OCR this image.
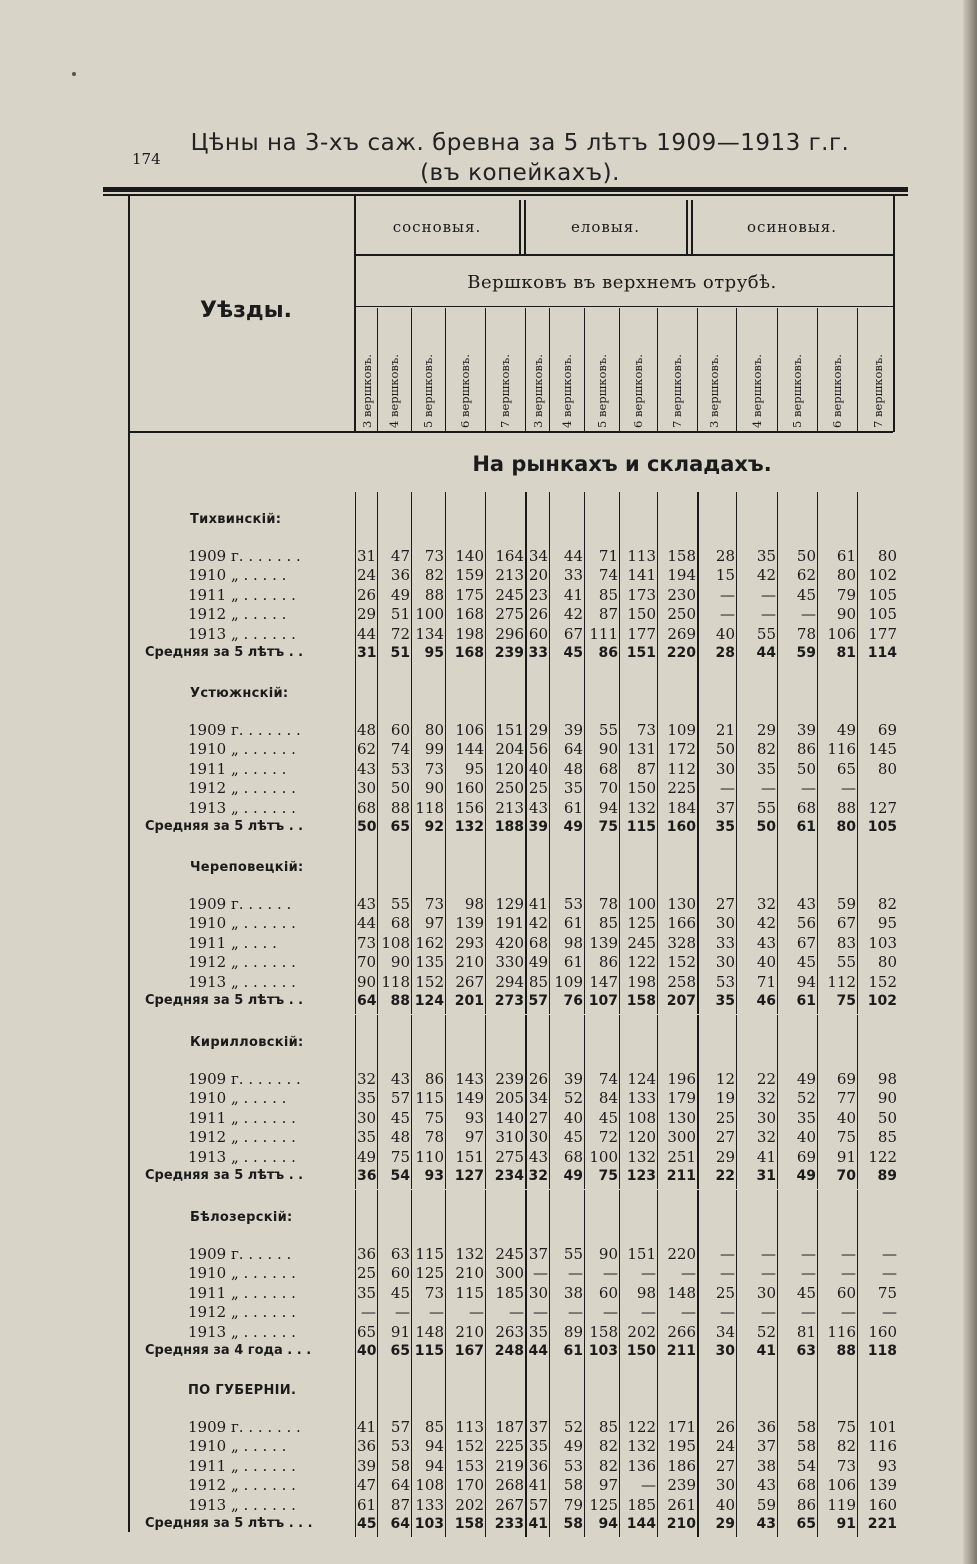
174
Цѣны на 3-хъ саж. бревна за 5 лѣтъ 1909—1913 г.г.
(въ копейкахъ).
сосновыя.	еловыя.	осиновыя.
Вершковъ въ верхнемъ отрубѣ.
Уѣзды.
3 вершковъ. 4 вершковъ. 5 вершковъ. 6 вершковъ. 7 вершковъ. 3 вершковъ. 4 вершковъ. 5 вершковъ. 6 вершковъ. 7 вершковъ. 3 вершковъ. 4 вершковъ. 5 вершковъ. 6 вершковъ. 7 вершковъ.
На рынкахъ и складахъ.
Тихвинскій:
1909 г. . . . . . .	31 47 73 140 164 34	44	71 113 158	28	35	50	61	80
1910 „ . . . . .	24 36 82 159 213 20	33	74 141 194	15	42	62	80 102
1911 „ . . . . . .	26 49 88 175 245 23	41	85 173 230	—	—	45	79 105
1912 „ . . . . .	29 51 100 168 275 26	42	87 150 250	—	—	—	90 105
1913 „ . . . . . .	44 72 134 198 296 60	67 111 177 269	40	55	78 106 177
Средняя за 5 лѣтъ . .	31	51	95 168 239 33	45	86 151 220	28	44	59	81 114
Устюжнскій:
1909 г. . . . . . .	48 60 80 106 151 29	39	55	73 109	21	29	39	49	69
1910 „ . . . . . .	62 74 99 144 204 56	64	90 131 172	50	82	86 116 145
1911 „ . . . . .	43 53 73	95 120 40	48	68	87 112	30	35	50	65	80
1912 „ . . . . . .	30 50 90 160 250 25	35	70 150 225	—	—	—	—
1913 „ . . . . . .	68 88 118 156 213 43	61	94 132 184	37	55	68	88 127
Средняя за 5 лѣтъ . .	50	65	92 132 188 39	49	75 115 160	35	50	61	80 105
Череповецкій:
1909 г. . . . . .	43 55 73	98 129 41	53	78 100 130	27	32	43	59	82
1910 „ . . . . . .	44 68 97 139 191 42	61	85 125 166	30	42	56	67	95
1911 „ . . . .	73 108 162 293 420 68	98 139 245 328	33	43	67	83 103
1912 „ . . . . . .	70 90 135 210 330 49	61	86 122 152	30	40	45	55	80
1913 „ . . . . . .	90 118 152 267 294 85 109 147 198 258	53	71	94 112 152
Средняя за 5 лѣтъ . .	64	88 124 201 273 57	76 107 158 207	35	46	61	75 102
Кирилловскій:
1909 г. . . . . . .	32 43 86 143 239 26	39	74 124 196	12	22	49	69	98
1910 „ . . . . .	35 57 115 149 205 34	52	84 133 179	19	32	52	77	90
1911 „ . . . . . .	30 45 75	93 140 27	40	45 108 130	25	30	35	40	50
1912 „ . . . . . .	35 48 78	97 310 30	45	72 120 300	27	32	40	75	85
1913 „ . . . . . .	49 75 110 151 275 43	68 100 132 251	29	41	69	91 122
Средняя за 5 лѣтъ . .	36	54	93 127 234 32	49	75 123 211	22	31	49	70	89
Бѣлозерскій:
1909 г. . . . . .	36 63 115 132 245 37	55	90 151 220	—	—	—	—	—
1910 „ . . . . . .	25 60 125 210 300 —	—	—	—	—	—	—	—	—	—
1911 „ . . . . . .	35 45 73 115 185 30	38	60	98 148	25	30	45	60	75
1912 „ . . . . . .	—	—	—	—	— —	—	—	—	—	—	—	—	—	—
1913 „ . . . . . .	65 91 148 210 263 35	89 158 202 266	34	52	81 116 160
Средняя за 4 года . . .	40	65 115 167 248 44	61 103 150 211	30	41	63	88 118
ПО ГУБЕРНІИ.
1909 г. . . . . . .	41 57 85 113 187 37	52	85 122 171	26	36	58	75 101
1910 „ . . . . .	36 53 94 152 225 35	49	82 132 195	24	37	58	82 116
1911 „ . . . . . .	39 58 94 153 219 36	53	82 136 186	27	38	54	73	93
1912 „ . . . . . .	47 64 108 170 268 41	58	97	— 239	30	43	68 106 139
1913 „ . . . . . .	61 87 133 202 267 57	79 125 185 261	40	59	86 119 160
Средняя за 5 лѣтъ . . .	45	64 103 158 233 41	58	94 144 210	29	43	65	91 221
